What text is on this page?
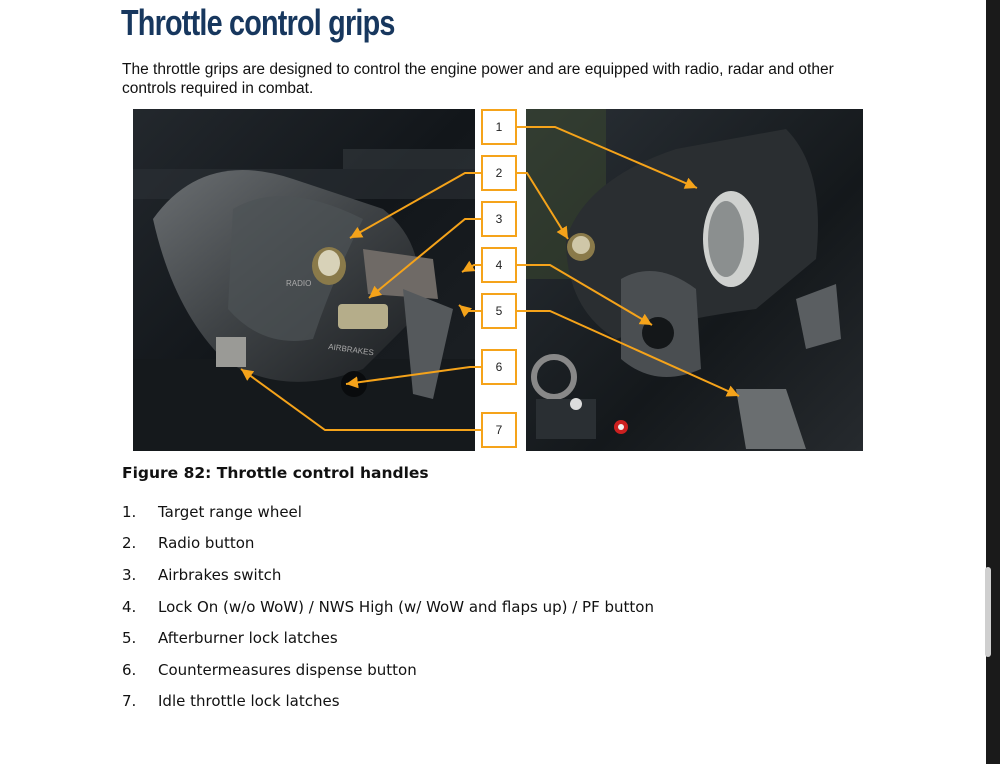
Throttle control grips

The throttle grips are designed to control the engine power and are equipped with radio, radar and other controls required in combat.

RADIO
AIRBRAKES
1
2
3
4
5
6
7

Figure 82: Throttle control handles

1.	Target range wheel
2.	Radio button
3.	Airbrakes switch
4.	Lock On (w/o WoW) / NWS High (w/ WoW and flaps up) / PF button
5.	Afterburner lock latches
6.	Countermeasures dispense button
7.	Idle throttle lock latches
